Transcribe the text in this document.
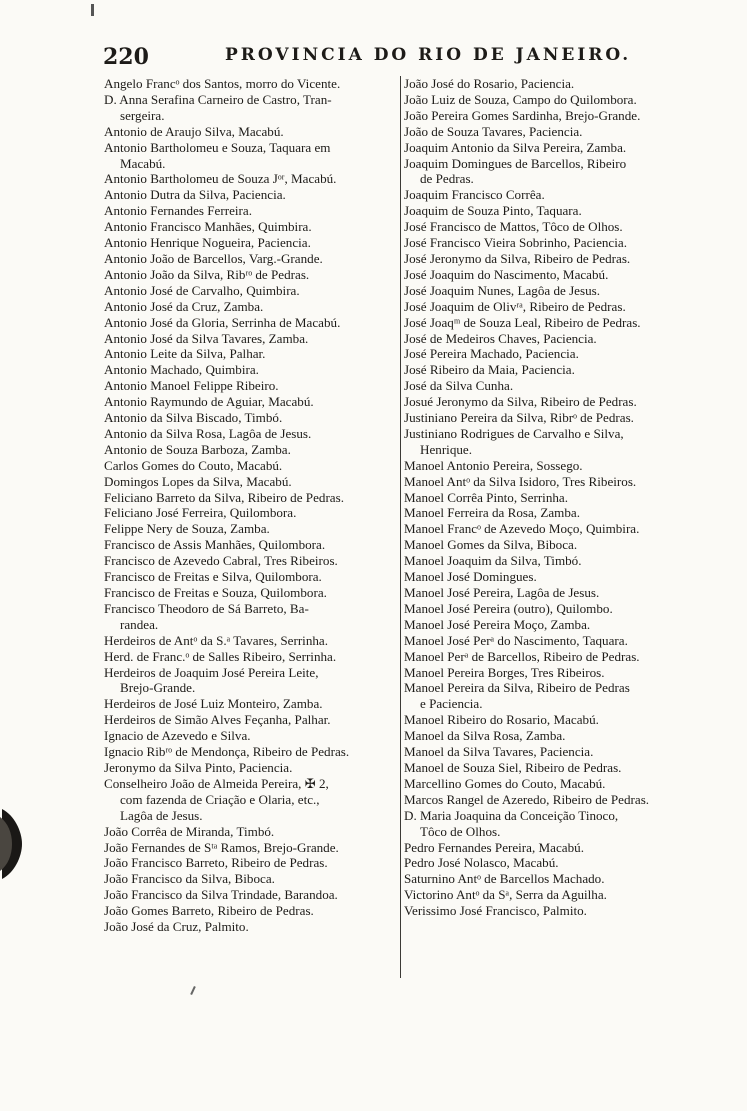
220	PROVINCIA DO RIO DE JANEIRO.
Angelo Francᵒ dos Santos, morro do Vicente.
D. Anna Serafina Carneiro de Castro, Tran-
sergeira.
Antonio de Araujo Silva, Macabú.
Antonio Bartholomeu e Souza, Taquara em
Macabú.
Antonio Bartholomeu de Souza Jᵒʳ, Macabú.
Antonio Dutra da Silva, Paciencia.
Antonio Fernandes Ferreira.
Antonio Francisco Manhães, Quimbira.
Antonio Henrique Nogueira, Paciencia.
Antonio João de Barcellos, Varg.-Grande.
Antonio João da Silva, Ribʳᵒ de Pedras.
Antonio José de Carvalho, Quimbira.
Antonio José da Cruz, Zamba.
Antonio José da Gloria, Serrinha de Macabú.
Antonio José da Silva Tavares, Zamba.
Antonio Leite da Silva, Palhar.
Antonio Machado, Quimbira.
Antonio Manoel Felippe Ribeiro.
Antonio Raymundo de Aguiar, Macabú.
Antonio da Silva Biscado, Timbó.
Antonio da Silva Rosa, Lagôa de Jesus.
Antonio de Souza Barboza, Zamba.
Carlos Gomes do Couto, Macabú.
Domingos Lopes da Silva, Macabú.
Feliciano Barreto da Silva, Ribeiro de Pedras.
Feliciano José Ferreira, Quilombora.
Felippe Nery de Souza, Zamba.
Francisco de Assis Manhães, Quilombora.
Francisco de Azevedo Cabral, Tres Ribeiros.
Francisco de Freitas e Silva, Quilombora.
Francisco de Freitas e Souza, Quilombora.
Francisco Theodoro de Sá Barreto, Ba-
randea.
Herdeiros de Antᵒ da S.ᵃ Tavares, Serrinha.
Herd. de Franc.ᵒ de Salles Ribeiro, Serrinha.
Herdeiros de Joaquim José Pereira Leite,
Brejo-Grande.
Herdeiros de José Luiz Monteiro, Zamba.
Herdeiros de Simão Alves Feçanha, Palhar.
Ignacio de Azevedo e Silva.
Ignacio Ribʳᵒ de Mendonça, Ribeiro de Pedras.
Jeronymo da Silva Pinto, Paciencia.
Conselheiro João de Almeida Pereira, ✠ 2,
com fazenda de Criação e Olaria, etc.,
Lagôa de Jesus.
João Corrêa de Miranda, Timbó.
João Fernandes de Sᵗᵃ Ramos, Brejo-Grande.
João Francisco Barreto, Ribeiro de Pedras.
João Francisco da Silva, Biboca.
João Francisco da Silva Trindade, Barandoa.
João Gomes Barreto, Ribeiro de Pedras.
João José da Cruz, Palmito.
João José do Rosario, Paciencia.
João Luiz de Souza, Campo do Quilombora.
João Pereira Gomes Sardinha, Brejo-Grande.
João de Souza Tavares, Paciencia.
Joaquim Antonio da Silva Pereira, Zamba.
Joaquim Domingues de Barcellos, Ribeiro
de Pedras.
Joaquim Francisco Corrêa.
Joaquim de Souza Pinto, Taquara.
José Francisco de Mattos, Tôco de Olhos.
José Francisco Vieira Sobrinho, Paciencia.
José Jeronymo da Silva, Ribeiro de Pedras.
José Joaquim do Nascimento, Macabú.
José Joaquim Nunes, Lagôa de Jesus.
José Joaquim de Olivʳᵃ, Ribeiro de Pedras.
José Joaqᵐ de Souza Leal, Ribeiro de Pedras.
José de Medeiros Chaves, Paciencia.
José Pereira Machado, Paciencia.
José Ribeiro da Maia, Paciencia.
José da Silva Cunha.
Josué Jeronymo da Silva, Ribeiro de Pedras.
Justiniano Pereira da Silva, Ribrᵒ de Pedras.
Justiniano Rodrigues de Carvalho e Silva,
Henrique.
Manoel Antonio Pereira, Sossego.
Manoel Antᵒ da Silva Isidoro, Tres Ribeiros.
Manoel Corrêa Pinto, Serrinha.
Manoel Ferreira da Rosa, Zamba.
Manoel Francᵒ de Azevedo Moço, Quimbira.
Manoel Gomes da Silva, Biboca.
Manoel Joaquim da Silva, Timbó.
Manoel José Domingues.
Manoel José Pereira, Lagôa de Jesus.
Manoel José Pereira (outro), Quilombo.
Manoel José Pereira Moço, Zamba.
Manoel José Perᵃ do Nascimento, Taquara.
Manoel Perᵃ de Barcellos, Ribeiro de Pedras.
Manoel Pereira Borges, Tres Ribeiros.
Manoel Pereira da Silva, Ribeiro de Pedras
e Paciencia.
Manoel Ribeiro do Rosario, Macabú.
Manoel da Silva Rosa, Zamba.
Manoel da Silva Tavares, Paciencia.
Manoel de Souza Siel, Ribeiro de Pedras.
Marcellino Gomes do Couto, Macabú.
Marcos Rangel de Azeredo, Ribeiro de Pedras.
D. Maria Joaquina da Conceição Tinoco,
Tôco de Olhos.
Pedro Fernandes Pereira, Macabú.
Pedro José Nolasco, Macabú.
Saturnino Antᵒ de Barcellos Machado.
Victorino Antᵒ da Sᵃ, Serra da Aguilha.
Verissimo José Francisco, Palmito.
